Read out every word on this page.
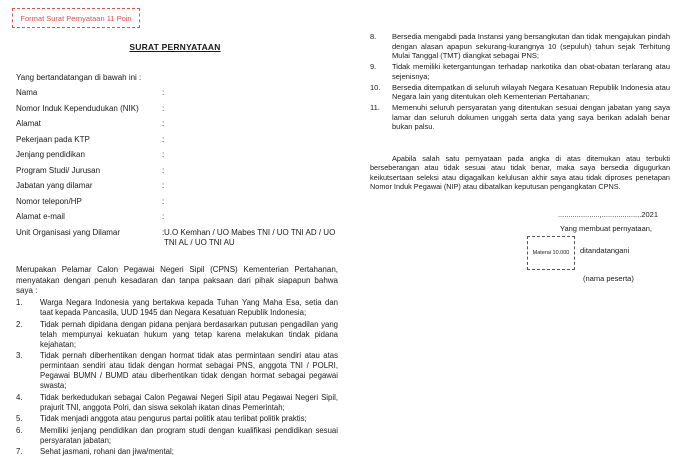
Format Surat Pernyataan 11 Poin
SURAT PERNYATAAN
Yang bertandatangan di bawah ini :
Nama	:
Nomor Induk Kependudukan (NIK)	:
Alamat	:
Pekerjaan pada KTP	:
Jenjang pendidikan	:
Program Studi/ Jurusan	:
Jabatan yang dilamar	:
Nomor telepon/HP	:
Alamat e-mail	:
Unit Organisasi yang Dilamar	: U.O Kemhan / UO Mabes TNI / UO TNI AD / UO TNI AL / UO TNI AU
Merupakan Pelamar Calon Pegawai Negeri Sipil (CPNS) Kementerian Pertahanan, menyatakan dengan penuh kesadaran dan tanpa paksaan dari pihak siapapun bahwa saya :
1.	Warga Negara Indonesia yang bertakwa kepada Tuhan Yang Maha Esa, setia dan taat kepada Pancasila, UUD 1945 dan Negara Kesatuan Republik Indonesia;
2.	Tidak pernah dipidana dengan pidana penjara berdasarkan putusan pengadilan yang telah mempunyai kekuatan hukum yang tetap karena melakukan tindak pidana kejahatan;
3.	Tidak pernah diberhentikan dengan hormat tidak atas permintaan sendiri atau atas permintaan sendiri atau tidak dengan hormat sebagai PNS, anggota TNI / POLRI, Pegawai BUMN / BUMD atau diberhentikan tidak dengan hormat sebagai pegawai swasta;
4.	Tidak berkedudukan sebagai Calon Pegawai Negeri Sipil atau Pegawai Negeri Sipil, prajurit TNI, anggota Polri, dan siswa sekolah ikatan dinas Pemerintah;
5.	Tidak menjadi anggota atau pengurus partai politik atau terlibat politik praktis;
6.	Memiliki jenjang pendidikan dan program studi dengan kualifikasi pendidikan sesuai persyaratan jabatan;
7.	Sehat jasmani, rohani dan jiwa/mental;
8.	Bersedia mengabdi pada Instansi yang bersangkutan dan tidak mengajukan pindah dengan alasan apapun sekurang-kurangnya 10 (sepuluh) tahun sejak Terhitung Mulai Tanggal (TMT) diangkat sebagai PNS;
9.	Tidak memiliki ketergantungan terhadap narkotika dan obat-obatan terlarang atau sejenisnya;
10.	Bersedia ditempatkan di seluruh wilayah Negara Kesatuan Republik Indonesia atau Negara lain yang ditentukan oleh Kementerian Pertahanan;
11.	Memenuhi seluruh persyaratan yang ditentukan sesuai dengan jabatan yang saya lamar dan seluruh dokumen unggah serta data yang saya berikan adalah benar bukan palsu.
Apabila salah satu pernyataan pada angka di atas ditemukan atau terbukti berseberangan atau tidak sesuai atau tidak benar, maka saya bersedia digugurkan keikutsertaan seleksi atau digagalkan kelulusan akhir saya atau tidak diproses penetapan Nomor Induk Pegawai (NIP) atau dibatalkan keputusan pengangkatan CPNS.
....................,...................2021
Yang membuat pernyataan,
Materai 10.000	ditandatangani
(nama peserta)
